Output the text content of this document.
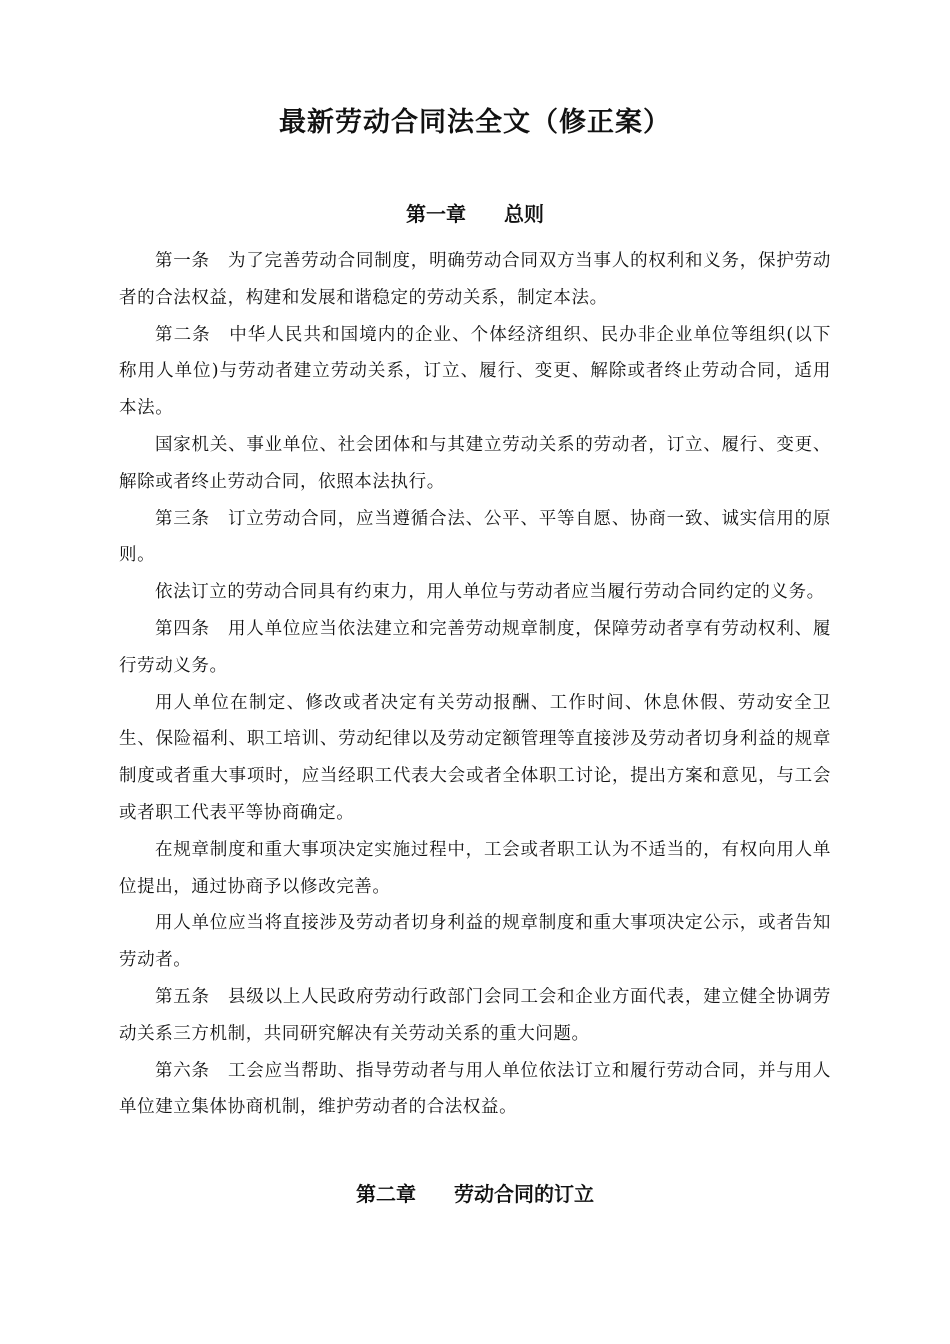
最新劳动合同法全文（修正案）
第一章 总则

第一条 为了完善劳动合同制度，明确劳动合同双方当事人的权利和义务，保护劳动者的合法权益，构建和发展和谐稳定的劳动关系，制定本法。

第二条 中华人民共和国境内的企业、个体经济组织、民办非企业单位等组织(以下称用人单位)与劳动者建立劳动关系，订立、履行、变更、解除或者终止劳动合同，适用本法。

国家机关、事业单位、社会团体和与其建立劳动关系的劳动者，订立、履行、变更、解除或者终止劳动合同，依照本法执行。

第三条 订立劳动合同，应当遵循合法、公平、平等自愿、协商一致、诚实信用的原则。

依法订立的劳动合同具有约束力，用人单位与劳动者应当履行劳动合同约定的义务。

第四条 用人单位应当依法建立和完善劳动规章制度，保障劳动者享有劳动权利、履行劳动义务。

用人单位在制定、修改或者决定有关劳动报酬、工作时间、休息休假、劳动安全卫生、保险福利、职工培训、劳动纪律以及劳动定额管理等直接涉及劳动者切身利益的规章制度或者重大事项时，应当经职工代表大会或者全体职工讨论，提出方案和意见，与工会或者职工代表平等协商确定。

在规章制度和重大事项决定实施过程中，工会或者职工认为不适当的，有权向用人单位提出，通过协商予以修改完善。

用人单位应当将直接涉及劳动者切身利益的规章制度和重大事项决定公示，或者告知劳动者。

第五条 县级以上人民政府劳动行政部门会同工会和企业方面代表，建立健全协调劳动关系三方机制，共同研究解决有关劳动关系的重大问题。

第六条 工会应当帮助、指导劳动者与用人单位依法订立和履行劳动合同，并与用人单位建立集体协商机制，维护劳动者的合法权益。

第二章 劳动合同的订立
